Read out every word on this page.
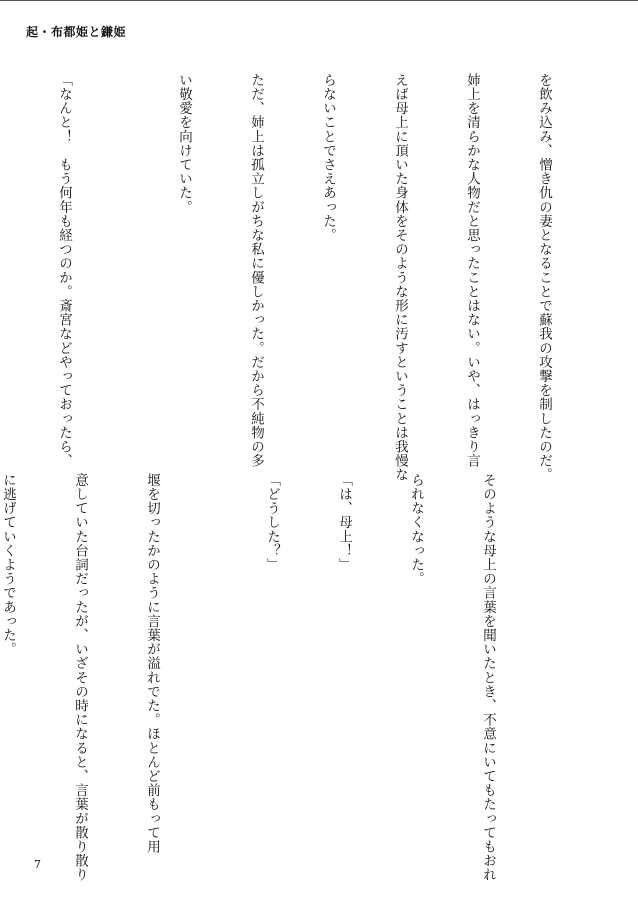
起・布都姫と鎌姫

を飲み込み、憎き仇の妻となることで蘇我の攻撃を制したのだ。

姉上を清らかな人物だと思ったことはない。いや、はっきり言

えば母上に頂いた身体をそのような形に汚すということは我慢な

らないことでさえあった。

ただ、姉上は孤立しがちな私に優しかった。だから不純物の多

い敬愛を向けていた。

「なんと！　もう何年も経つのか。斎宮などやっておったら、

そのような母上の言葉を聞いたとき、不意にいてもたってもおれ

られなくなった。

「は、母上！」

「どうした？」

堰を切ったかのように言葉が溢れでた。ほとんど前もって用

意していた台詞だったが、いざその時になると、言葉が散り散り

に逃げていくようであった。

7
